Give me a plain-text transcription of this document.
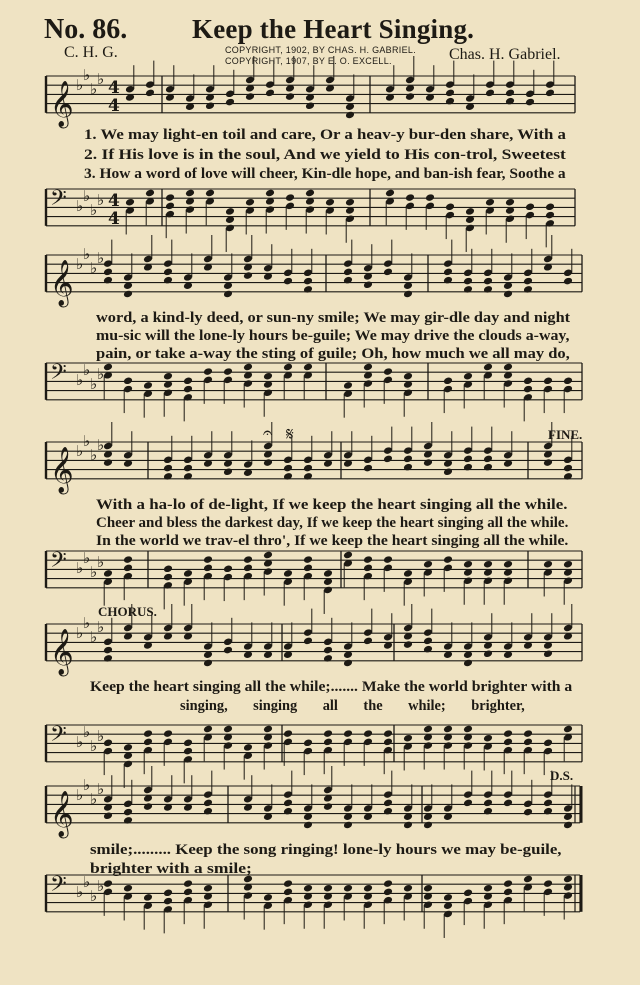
𝄞 ♭
♭
♭
♭ 4
4
𝄢 ♭
♭
♭
♭ 4
4
𝄞 ♭
♭
♭
♭
𝄢 ♭
♭
♭
♭
𝄞 ♭
♭
♭
♭
𝄢 ♭
♭
♭
♭
𝄞 ♭
♭
♭
♭
𝄢 ♭
♭
♭
♭
𝄞 ♭
♭
♭
♭
𝄢 ♭
♭
♭
♭
𝄐 𝄋
No. 86. Keep the Heart Singing.
C. H. G.	COPYRIGHT, 1902, BY CHAS. H. GABRIEL.
COPYRIGHT, 1907, BY E. O. EXCELL.	Chas. H. Gabriel.
FINE.
CHORUS.
D.S.
1. We may light-en toil and care, Or a heav-y bur-den share, With a
2. If His love is in the soul, And we yield to His con-trol, Sweetest
3. How a word of love will cheer, Kin-dle hope, and ban-ish fear, Soothe a
word, a kind-ly deed, or sun-ny smile; We may gir-dle day and night
mu-sic will the lone-ly hours be-guile; We may drive the clouds a-way,
pain, or take a-way the sting of guile; Oh, how much we all may do,
With a ha-lo of de-light, If we keep the heart singing all the while.
Cheer and bless the darkest day, If we keep the heart singing all the while.
In the world we trav-el thro', If we keep the heart singing all the while.
Keep the heart singing all the while;....... Make the world brighter with a
singing, singing all the while; brighter,
smile;......... Keep the song ringing! lone-ly hours we may be-guile,
brighter with a smile;
